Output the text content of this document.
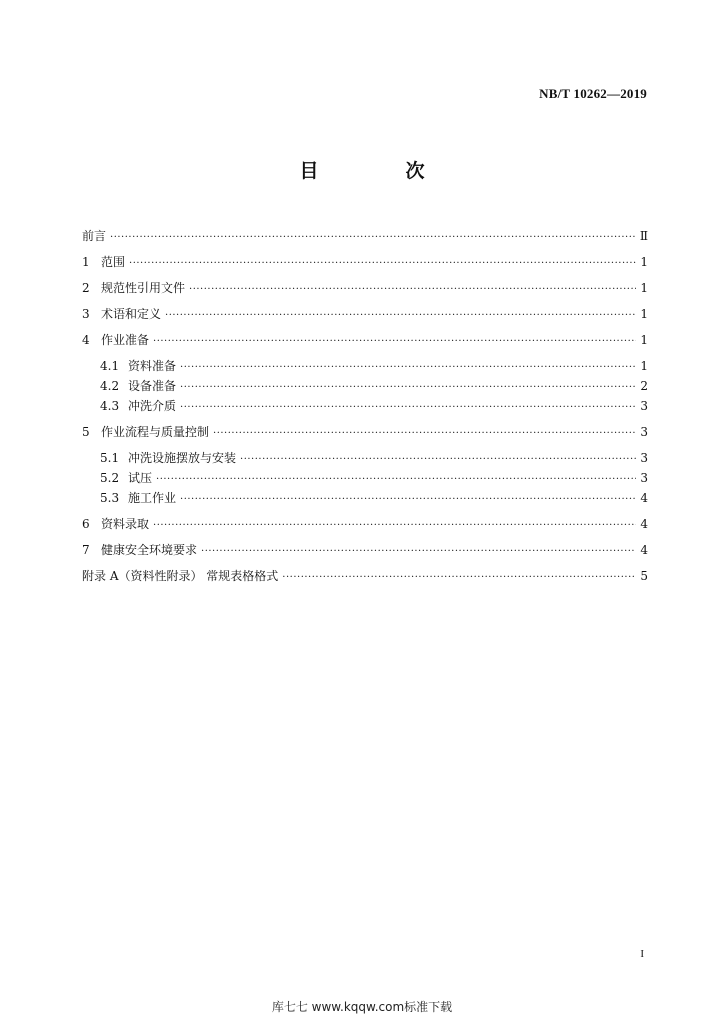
NB/T 10262—2019
目　次
前言 ·····	Ⅱ
1 范围 ·····	1
2 规范性引用文件 ·····	1
3 术语和定义 ·····	1
4 作业准备 ·····	1
4.1 资料准备 ·····	1
4.2 设备准备 ·····	2
4.3 冲洗介质 ·····	3
5 作业流程与质量控制 ·····	3
5.1 冲洗设施摆放与安装 ·····	3
5.2 试压 ·····	3
5.3 施工作业 ·····	4
6 资料录取 ·····	4
7 健康安全环境要求 ·····	4
附录 A（资料性附录） 常规表格格式 ·····	5
I
库七七 www.kqqw.com标准下载
